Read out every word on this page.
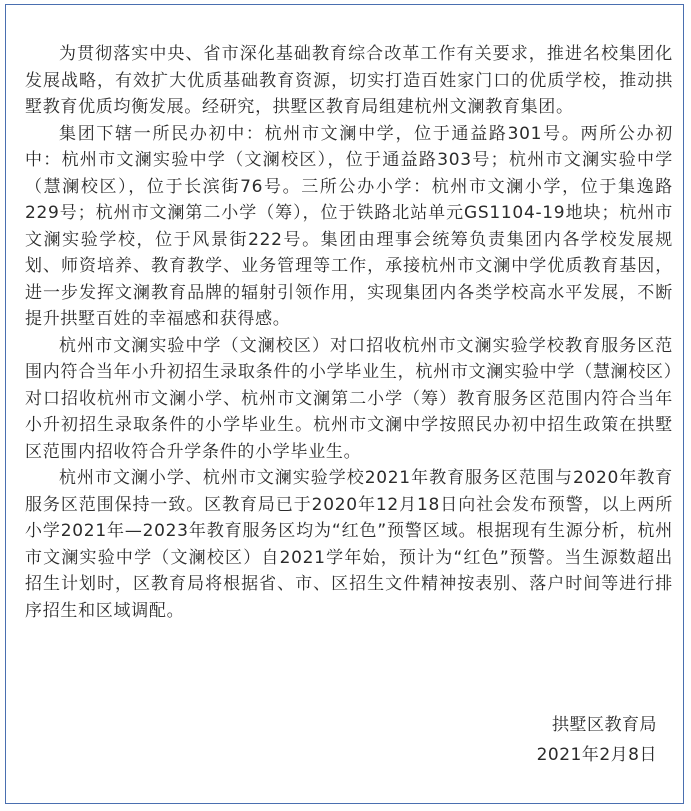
为贯彻落实中央、省市深化基础教育综合改革工作有关要求，推进名校集团化发展战略，有效扩大优质基础教育资源，切实打造百姓家门口的优质学校，推动拱墅教育优质均衡发展。经研究，拱墅区教育局组建杭州文澜教育集团。

集团下辖一所民办初中：杭州市文澜中学，位于通益路301号。两所公办初中：杭州市文澜实验中学（文澜校区），位于通益路303号；杭州市文澜实验中学（慧澜校区），位于长滨街76号。三所公办小学：杭州市文澜小学，位于集逸路229号；杭州市文澜第二小学（筹），位于铁路北站单元GS1104-19地块；杭州市文澜实验学校，位于风景街222号。集团由理事会统筹负责集团内各学校发展规划、师资培养、教育教学、业务管理等工作，承接杭州市文澜中学优质教育基因，进一步发挥文澜教育品牌的辐射引领作用，实现集团内各类学校高水平发展，不断提升拱墅百姓的幸福感和获得感。

杭州市文澜实验中学（文澜校区）对口招收杭州市文澜实验学校教育服务区范围内符合当年小升初招生录取条件的小学毕业生，杭州市文澜实验中学（慧澜校区）对口招收杭州市文澜小学、杭州市文澜第二小学（筹）教育服务区范围内符合当年小升初招生录取条件的小学毕业生。杭州市文澜中学按照民办初中招生政策在拱墅区范围内招收符合升学条件的小学毕业生。

杭州市文澜小学、杭州市文澜实验学校2021年教育服务区范围与2020年教育服务区范围保持一致。区教育局已于2020年12月18日向社会发布预警，以上两所小学2021年—2023年教育服务区均为“红色”预警区域。根据现有生源分析，杭州市文澜实验中学（文澜校区）自2021学年始，预计为“红色”预警。当生源数超出招生计划时，区教育局将根据省、市、区招生文件精神按表别、落户时间等进行排序招生和区域调配。

拱墅区教育局
2021年2月8日
